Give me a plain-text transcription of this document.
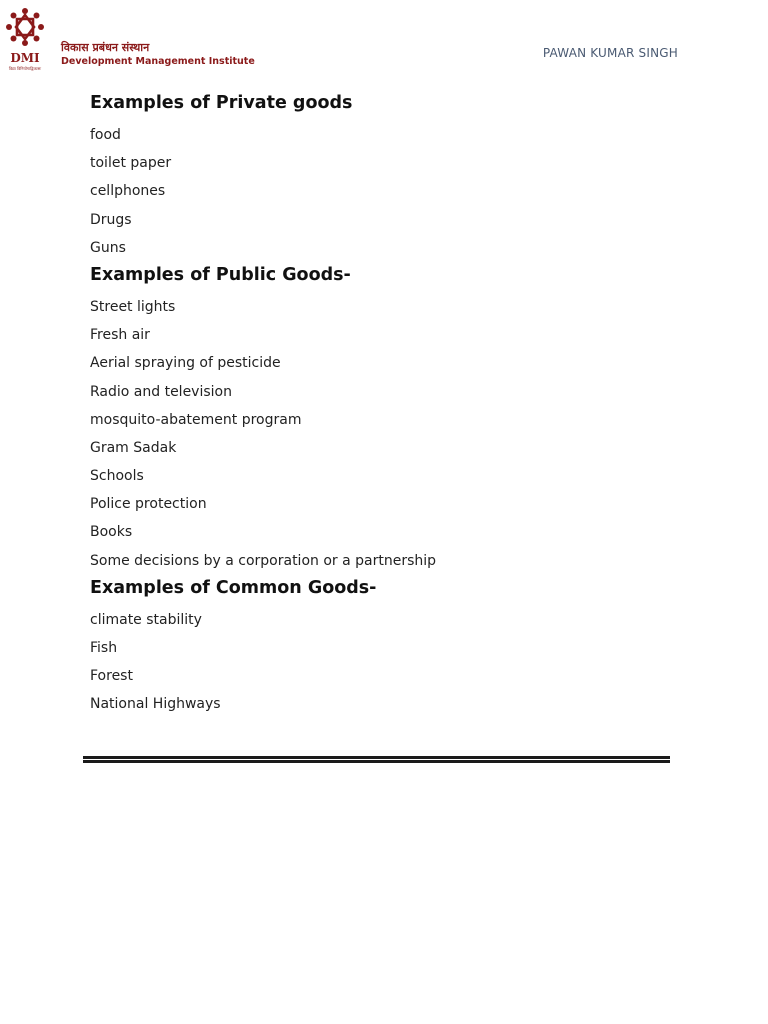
DMI
विद्या विनियोगाद्विकासः
विकास प्रबंधन संस्थान
Development Management Institute
PAWAN KUMAR SINGH
Examples of Private goods
food
toilet paper
cellphones
Drugs
Guns
Examples of Public Goods-
Street lights
Fresh air
Aerial spraying of pesticide
Radio and television
mosquito-abatement program
Gram Sadak
Schools
Police protection
Books
Some decisions by a corporation or a partnership
Examples of Common Goods-
climate stability
Fish
Forest
National Highways
